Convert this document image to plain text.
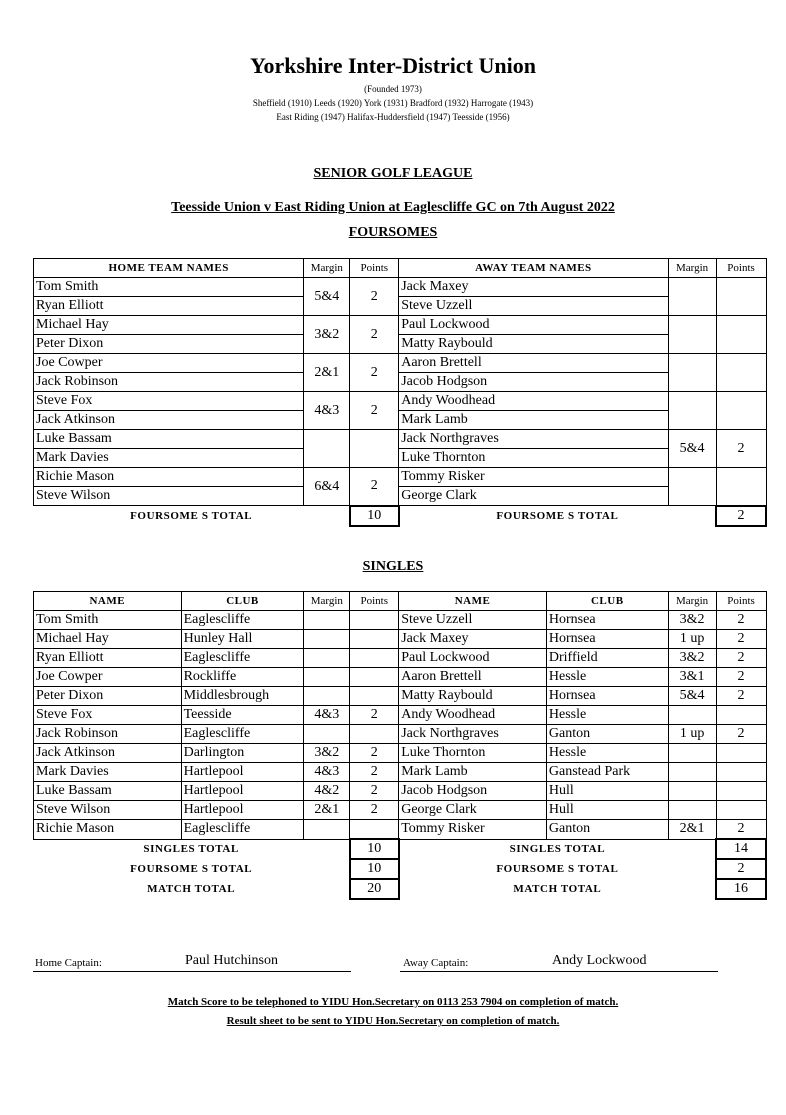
Yorkshire Inter-District Union
(Founded 1973)
Sheffield (1910) Leeds (1920) York (1931) Bradford (1932) Harrogate (1943)
East Riding (1947) Halifax-Huddersfield (1947) Teesside (1956)
SENIOR GOLF LEAGUE
Teesside Union v East Riding Union at Eaglescliffe GC on 7th August 2022
FOURSOMES
HOME TEAM NAMES	Margin	Points	AWAY TEAM NAMES	Margin	Points
Tom Smith	5&4	2	Jack Maxey		
Ryan Elliott			Steve Uzzell		
Michael Hay	3&2	2	Paul Lockwood		
Peter Dixon			Matty Raybould		
Joe Cowper	2&1	2	Aaron Brettell		
Jack Robinson			Jacob Hodgson		
Steve Fox	4&3	2	Andy Woodhead		
Jack Atkinson			Mark Lamb		
Luke Bassam			Jack Northgraves	5&4	2
Mark Davies			Luke Thornton		
Richie Mason	6&4	2	Tommy Risker		
Steve Wilson			George Clark		
FOURSOME S TOTAL		10	FOURSOME S TOTAL		2
SINGLES
NAME	CLUB	Margin	Points	NAME	CLUB	Margin	Points
Tom Smith	Eaglescliffe			Steve Uzzell	Hornsea	3&2	2
Michael Hay	Hunley Hall			Jack Maxey	Hornsea	1 up	2
Ryan Elliott	Eaglescliffe			Paul Lockwood	Driffield	3&2	2
Joe Cowper	Rockliffe			Aaron Brettell	Hessle	3&1	2
Peter Dixon	Middlesbrough			Matty Raybould	Hornsea	5&4	2
Steve Fox	Teesside	4&3	2	Andy Woodhead	Hessle		
Jack Robinson	Eaglescliffe			Jack Northgraves	Ganton	1 up	2
Jack Atkinson	Darlington	3&2	2	Luke Thornton	Hessle		
Mark Davies	Hartlepool	4&3	2	Mark Lamb	Ganstead Park		
Luke Bassam	Hartlepool	4&2	2	Jacob Hodgson	Hull		
Steve Wilson	Hartlepool	2&1	2	George Clark	Hull		
Richie Mason	Eaglescliffe			Tommy Risker	Ganton	2&1	2
SINGLES TOTAL			10	SINGLES TOTAL			14
FOURSOME S TOTAL			10	FOURSOME S TOTAL			2
MATCH TOTAL			20	MATCH TOTAL			16
Home Captain:	Paul Hutchinson	Away Captain:	Andy Lockwood
Match Score to be telephoned to YIDU Hon.Secretary on 0113 253 7904 on completion of match.
Result sheet to be sent to YIDU Hon.Secretary on completion of match.
